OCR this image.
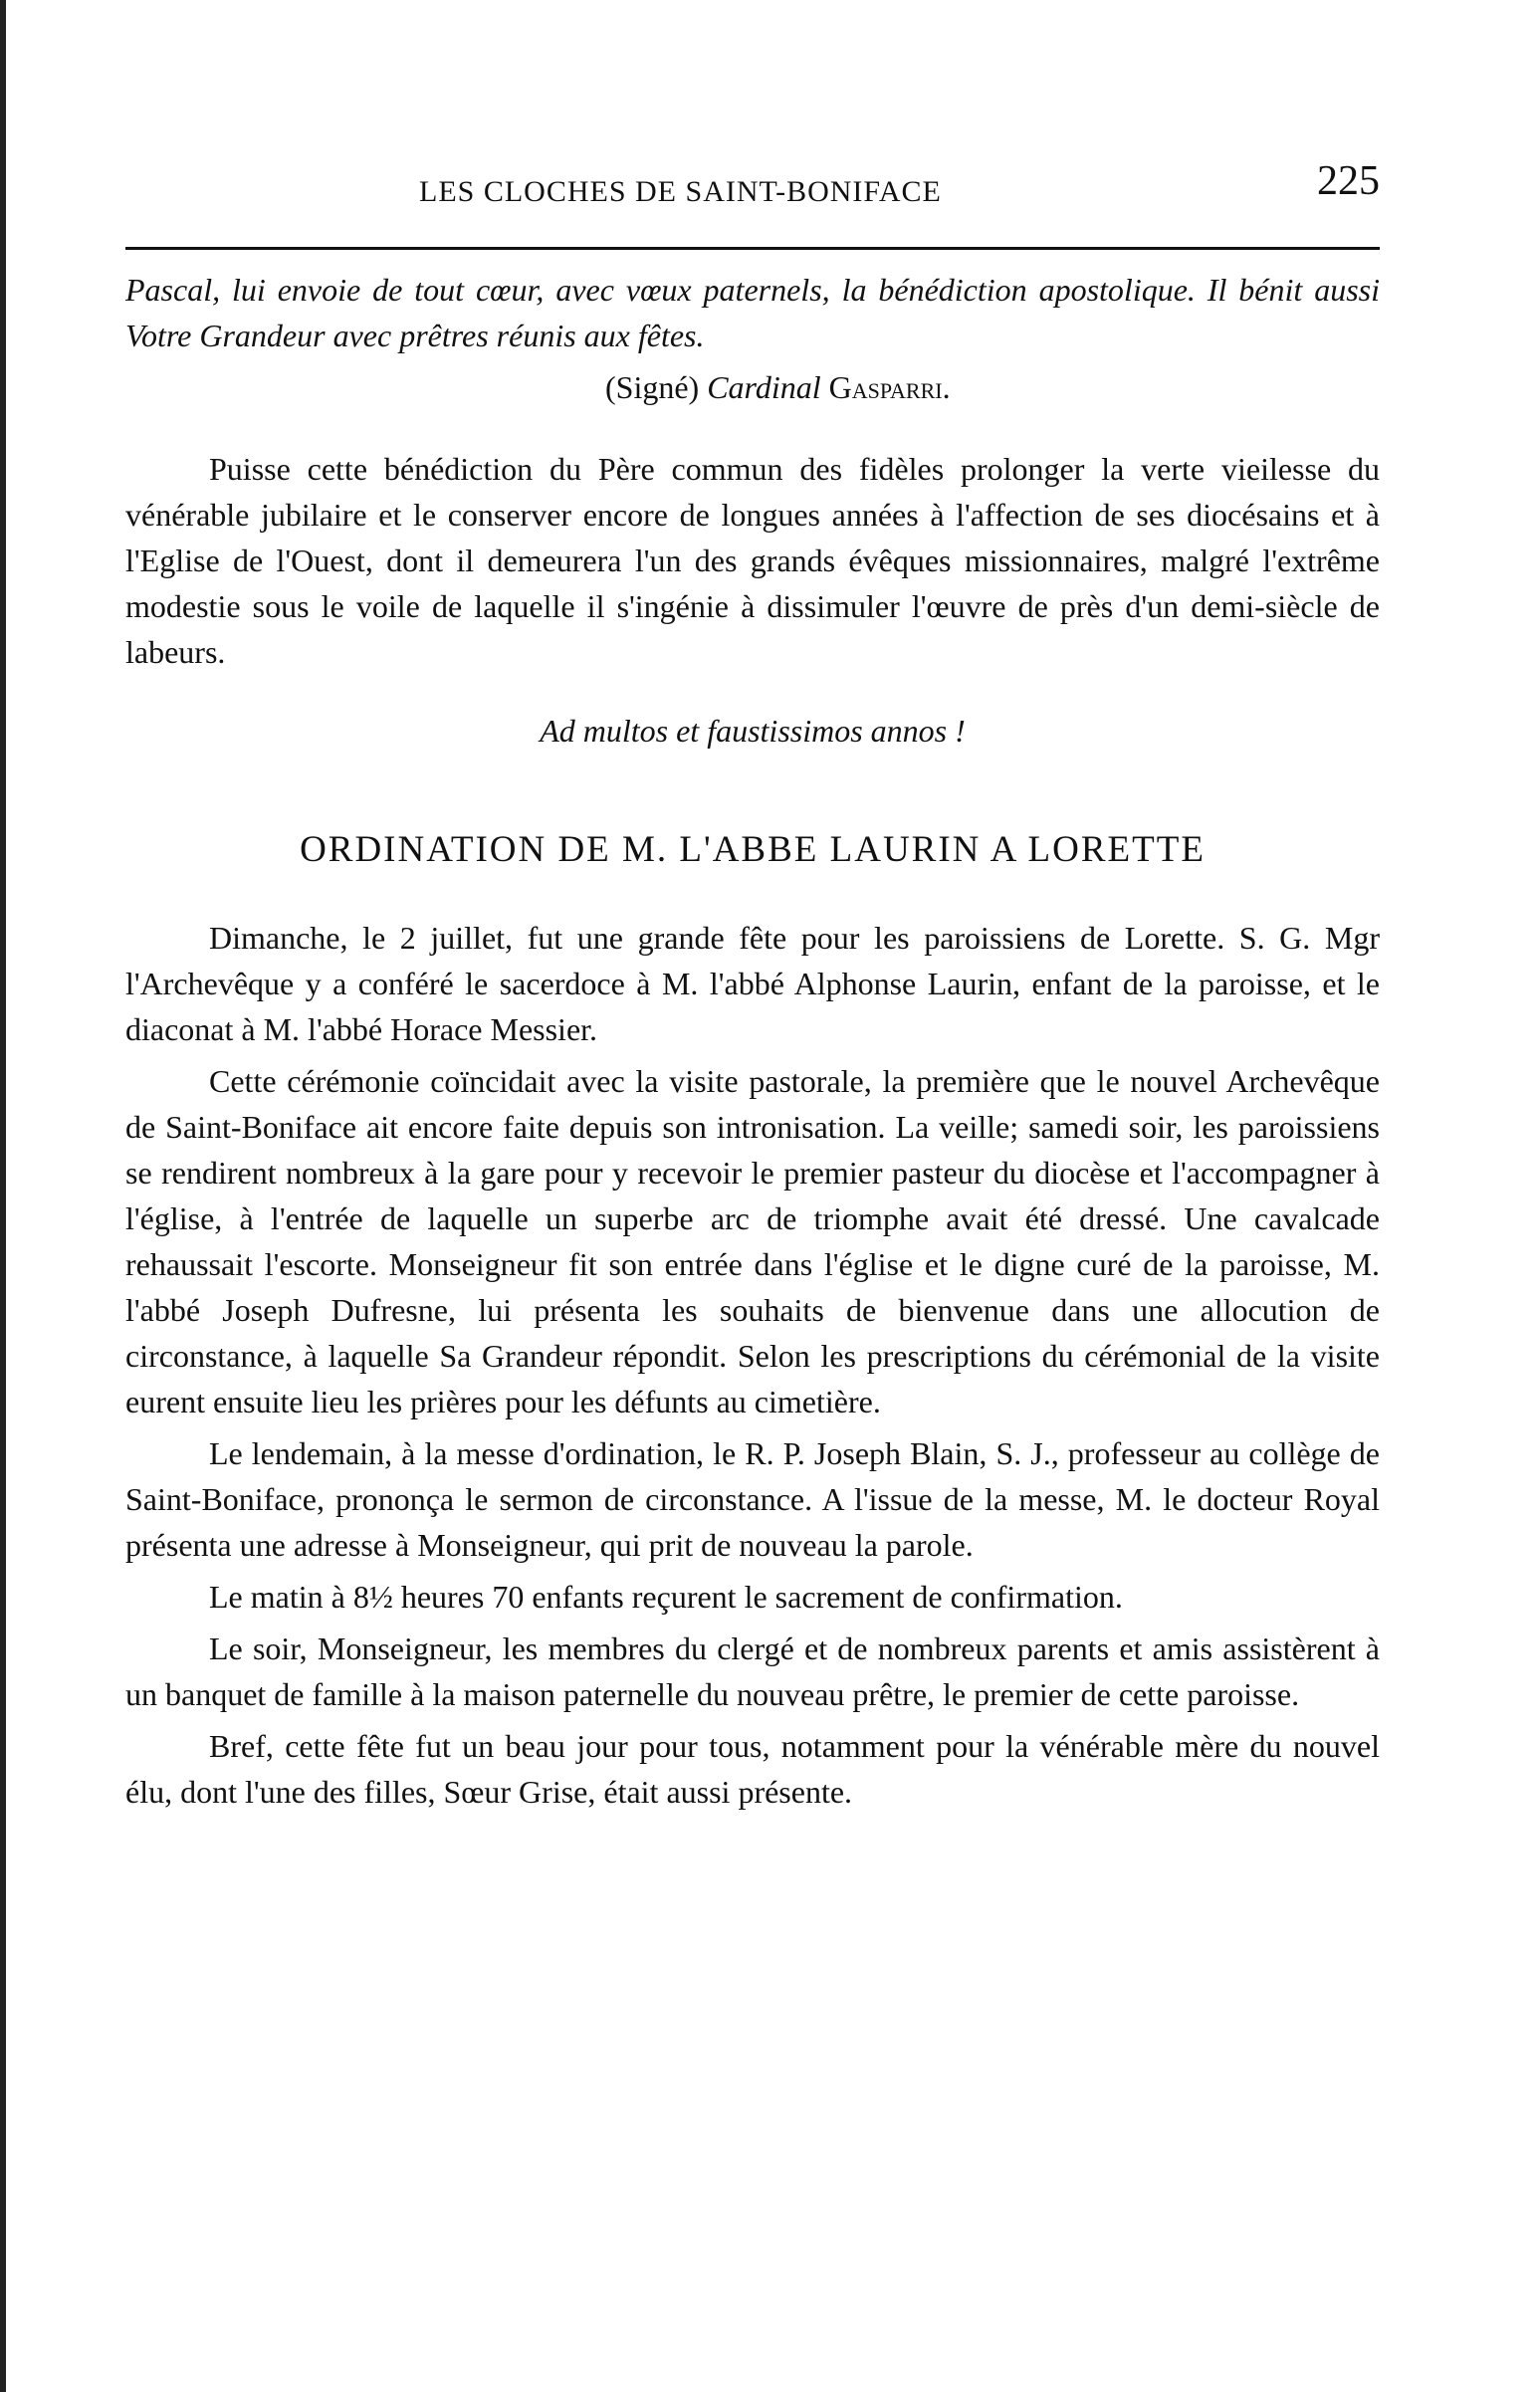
LES CLOCHES DE SAINT-BONIFACE	225

Pascal, lui envoie de tout cœur, avec vœux paternels, la bénédiction apostolique. Il bénit aussi Votre Grandeur avec prêtres réunis aux fêtes.

(Signé) Cardinal Gasparri.

Puisse cette bénédiction du Père commun des fidèles prolonger la verte vieilesse du vénérable jubilaire et le conserver encore de longues années à l'affection de ses diocésains et à l'Eglise de l'Ouest, dont il demeurera l'un des grands évêques missionnaires, malgré l'extrême modestie sous le voile de laquelle il s'ingénie à dissimuler l'œuvre de près d'un demi-siècle de labeurs.

Ad multos et faustissimos annos !
ORDINATION DE M. L'ABBE LAURIN A LORETTE

Dimanche, le 2 juillet, fut une grande fête pour les paroissiens de Lorette. S. G. Mgr l'Archevêque y a conféré le sacerdoce à M. l'abbé Alphonse Laurin, enfant de la paroisse, et le diaconat à M. l'abbé Horace Messier.

Cette cérémonie coïncidait avec la visite pastorale, la première que le nouvel Archevêque de Saint-Boniface ait encore faite depuis son intronisation. La veille; samedi soir, les paroissiens se rendirent nombreux à la gare pour y recevoir le premier pasteur du diocèse et l'accompagner à l'église, à l'entrée de laquelle un superbe arc de triomphe avait été dressé. Une cavalcade rehaussait l'escorte. Monseigneur fit son entrée dans l'église et le digne curé de la paroisse, M. l'abbé Joseph Dufresne, lui présenta les souhaits de bienvenue dans une allocution de circonstance, à laquelle Sa Grandeur répondit. Selon les prescriptions du cérémonial de la visite eurent ensuite lieu les prières pour les défunts au cimetière.

Le lendemain, à la messe d'ordination, le R. P. Joseph Blain, S. J., professeur au collège de Saint-Boniface, prononça le sermon de circonstance. A l'issue de la messe, M. le docteur Royal présenta une adresse à Monseigneur, qui prit de nouveau la parole.

Le matin à 8½ heures 70 enfants reçurent le sacrement de confirmation.

Le soir, Monseigneur, les membres du clergé et de nombreux parents et amis assistèrent à un banquet de famille à la maison paternelle du nouveau prêtre, le premier de cette paroisse.

Bref, cette fête fut un beau jour pour tous, notamment pour la vénérable mère du nouvel élu, dont l'une des filles, Sœur Grise, était aussi présente.
